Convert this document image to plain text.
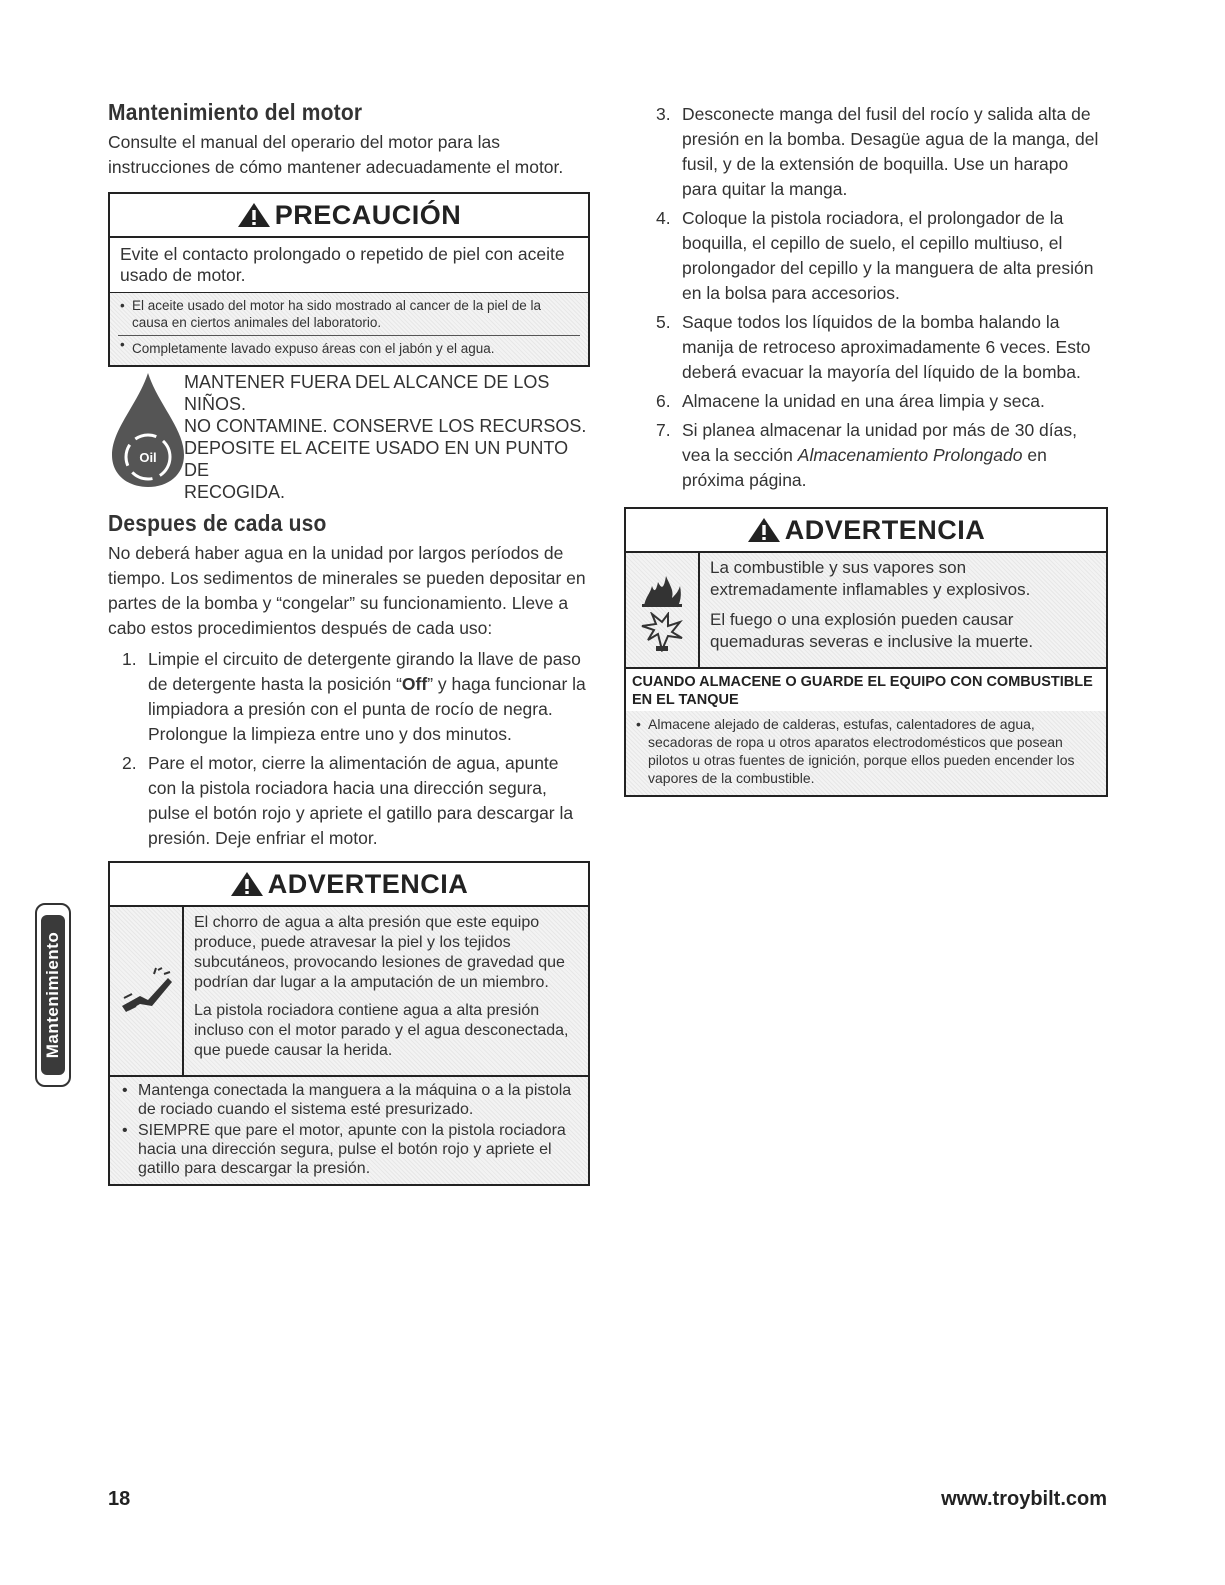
Mantenimiento del motor

Consulte el manual del operario del motor para las instrucciones de cómo mantener adecuadamente el motor.

PRECAUCIÓN
Evite el contacto prolongado o repetido de piel con aceite usado de motor.
• El aceite usado del motor ha sido mostrado al cancer de la piel de la causa en ciertos animales del laboratorio.
• Completamente lavado expuso áreas con el jabón y el agua.
Oil
MANTENER FUERA DEL ALCANCE DE LOS NIÑOS.
NO CONTAMINE. CONSERVE LOS RECURSOS.
DEPOSITE EL ACEITE USADO EN UN PUNTO DE
RECOGIDA.
Despues de cada uso

No deberá haber agua en la unidad por largos períodos de tiempo. Los sedimentos de minerales se pueden depositar en partes de la bomba y “congelar” su funcionamiento. Lleve a cabo estos procedimientos después de cada uso:

1. Limpie el circuito de detergente girando la llave de paso de detergente hasta la posición “Off” y haga funcionar la limpiadora a presión con el punta de rocío de negra. Prolongue la limpieza entre uno y dos minutos.
2. Pare el motor, cierre la alimentación de agua, apunte con la pistola rociadora hacia una dirección segura, pulse el botón rojo y apriete el gatillo para descargar la presión. Deje enfriar el motor.
ADVERTENCIA

El chorro de agua a alta presión que este equipo produce, puede atravesar la piel y los tejidos subcutáneos, provocando lesiones de gravedad que podrían dar lugar a la amputación de un miembro.

La pistola rociadora contiene agua a alta presión incluso con el motor parado y el agua desconectada, que puede causar la herida.

• Mantenga conectada la manguera a la máquina o a la pistola de rociado cuando el sistema esté presurizado.
• SIEMPRE que pare el motor, apunte con la pistola rociadora hacia una dirección segura, pulse el botón rojo y apriete el gatillo para descargar la presión.
3. Desconecte manga del fusil del rocío y salida alta de presión en la bomba. Desagüe agua de la manga, del fusil, y de la extensión de boquilla. Use un harapo para quitar la manga.
4. Coloque la pistola rociadora, el prolongador de la boquilla, el cepillo de suelo, el cepillo multiuso, el prolongador del cepillo y la manguera de alta presión en la bolsa para accesorios.
5. Saque todos los líquidos de la bomba halando la manija de retroceso aproximadamente 6 veces. Esto deberá evacuar la mayoría del líquido de la bomba.
6. Almacene la unidad en una área limpia y seca.
7. Si planea almacenar la unidad por más de 30 días, vea la sección Almacenamiento Prolongado en próxima página.
ADVERTENCIA

La combustible y sus vapores son extremadamente inflamables y explosivos.

El fuego o una explosión pueden causar quemaduras severas e inclusive la muerte.

CUANDO ALMACENE O GUARDE EL EQUIPO CON COMBUSTIBLE EN EL TANQUE
• Almacene alejado de calderas, estufas, calentadores de agua, secadoras de ropa u otros aparatos electrodomésticos que posean pilotos u otras fuentes de ignición, porque ellos pueden encender los vapores de la combustible.
Mantenimiento
18	www.troybilt.com
